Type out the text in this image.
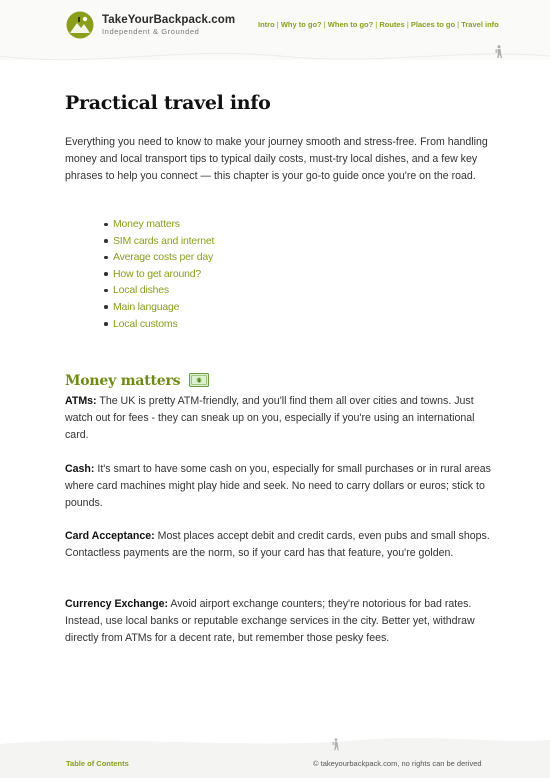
TakeYourBackpack.com
Independent & Grounded
Intro | Why to go? | When to go? | Routes | Places to go | Travel info
Practical travel info

Everything you need to know to make your journey smooth and stress-free. From handling money and local transport tips to typical daily costs, must-try local dishes, and a few key phrases to help you connect — this chapter is your go-to guide once you're on the road.

Money matters
SIM cards and internet
Average costs per day
How to get around?
Local dishes
Main language
Local customs
Money matters	$

ATMs: The UK is pretty ATM-friendly, and you'll find them all over cities and towns. Just watch out for fees - they can sneak up on you, especially if you're using an international card.

Cash: It's smart to have some cash on you, especially for small purchases or in rural areas where card machines might play hide and seek. No need to carry dollars or euros; stick to pounds.

Card Acceptance: Most places accept debit and credit cards, even pubs and small shops. Contactless payments are the norm, so if your card has that feature, you're golden.

Currency Exchange: Avoid airport exchange counters; they're notorious for bad rates. Instead, use local banks or reputable exchange services in the city. Better yet, withdraw directly from ATMs for a decent rate, but remember those pesky fees.

Table of Contents	© takeyourbackpack.com, no rights can be derived
